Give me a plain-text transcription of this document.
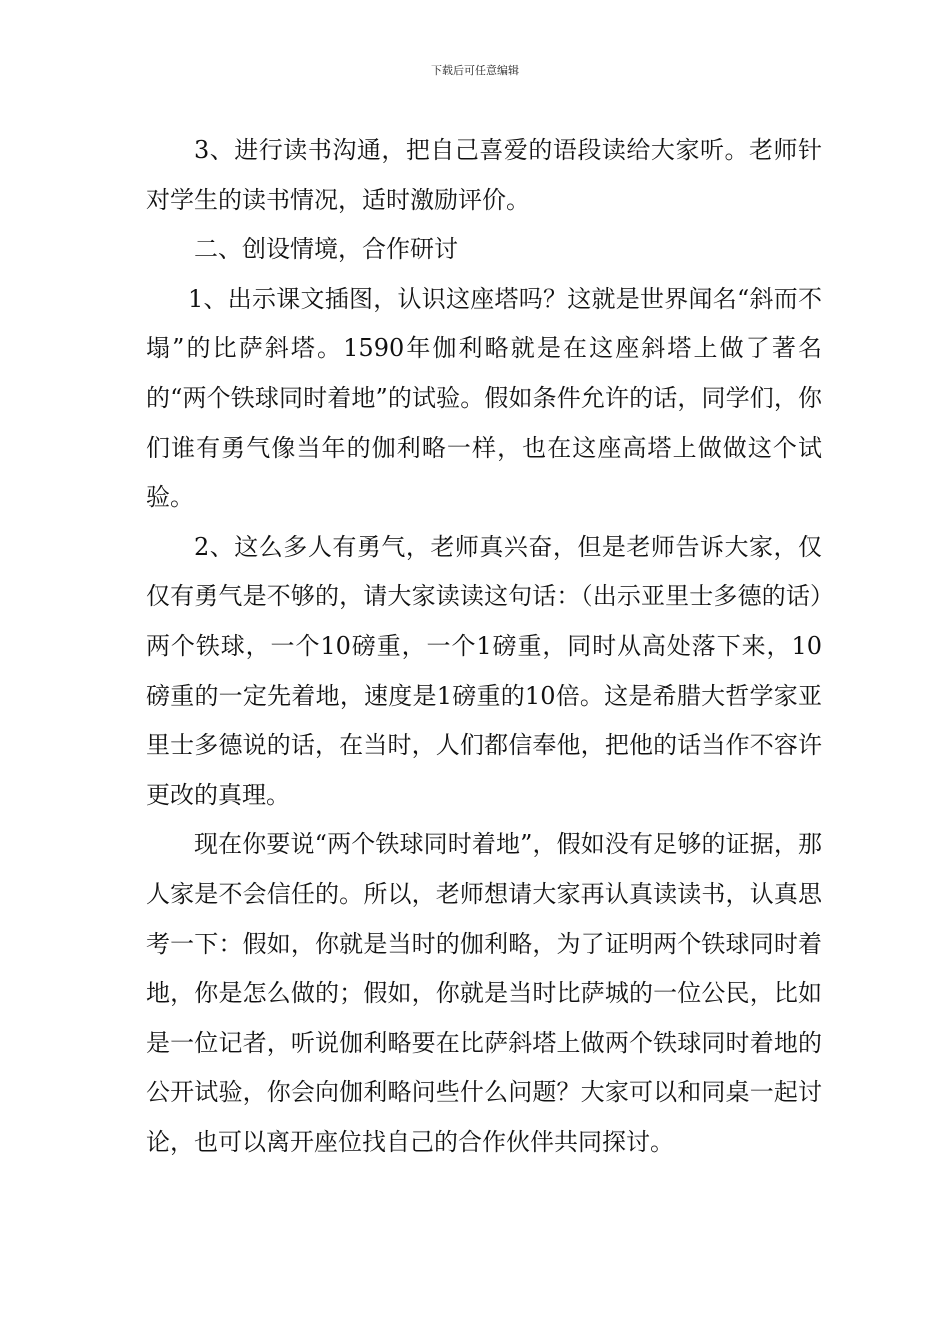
下载后可任意编辑

3、进行读书沟通，把自己喜爱的语段读给大家听。老师针对学生的读书情况，适时激励评价。

二、创设情境，合作研讨

1、出示课文插图，认识这座塔吗？这就是世界闻名“斜而不塌”的比萨斜塔。1590年伽利略就是在这座斜塔上做了著名的“两个铁球同时着地”的试验。假如条件允许的话，同学们，你们谁有勇气像当年的伽利略一样，也在这座高塔上做做这个试验。

2、这么多人有勇气，老师真兴奋，但是老师告诉大家，仅仅有勇气是不够的，请大家读读这句话：（出示亚里士多德的话）两个铁球，一个10磅重，一个1磅重，同时从高处落下来，10磅重的一定先着地，速度是1磅重的10倍。这是希腊大哲学家亚里士多德说的话，在当时，人们都信奉他，把他的话当作不容许更改的真理。

现在你要说“两个铁球同时着地”，假如没有足够的证据，那人家是不会信任的。所以，老师想请大家再认真读读书，认真思考一下：假如，你就是当时的伽利略，为了证明两个铁球同时着地，你是怎么做的；假如，你就是当时比萨城的一位公民，比如是一位记者，听说伽利略要在比萨斜塔上做两个铁球同时着地的公开试验，你会向伽利略问些什么问题？大家可以和同桌一起讨论，也可以离开座位找自己的合作伙伴共同探讨。
